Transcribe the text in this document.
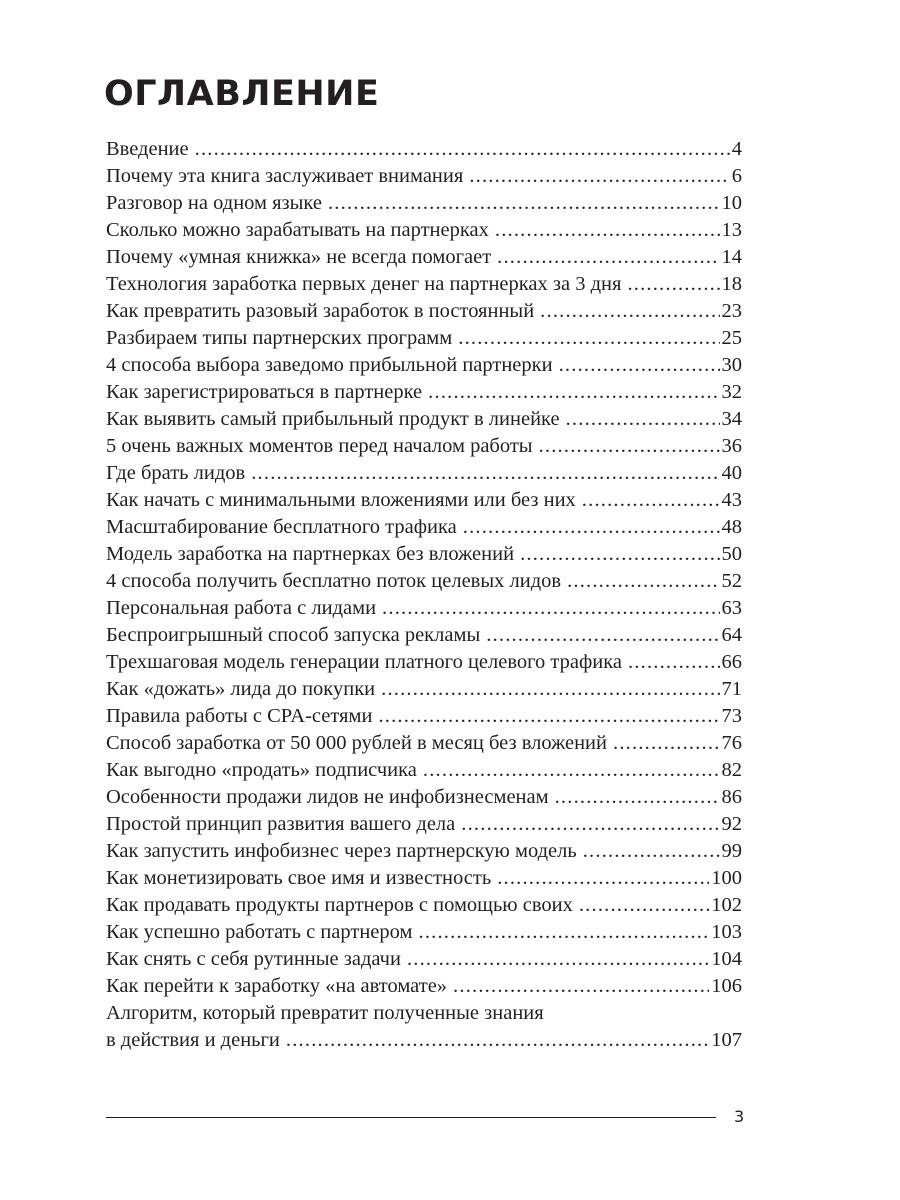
ОГЛАВЛЕНИЕ
Введение .....	4
Почему эта книга заслуживает внимания .....	6
Разговор на одном языке .....	10
Сколько можно зарабатывать на партнерках .....	13
Почему «умная книжка» не всегда помогает .....	14
Технология заработка первых денег на партнерках за 3 дня .....	18
Как превратить разовый заработок в постоянный .....	23
Разбираем типы партнерских программ .....	25
4 способа выбора заведомо прибыльной партнерки .....	30
Как зарегистрироваться в партнерке .....	32
Как выявить самый прибыльный продукт в линейке .....	34
5 очень важных моментов перед началом работы .....	36
Где брать лидов .....	40
Как начать с минимальными вложениями или без них .....	43
Масштабирование бесплатного трафика .....	48
Модель заработка на партнерках без вложений .....	50
4 способа получить бесплатно поток целевых лидов .....	52
Персональная работа с лидами .....	63
Беспроигрышный способ запуска рекламы .....	64
Трехшаговая модель генерации платного целевого трафика .....	66
Как «дожать» лида до покупки .....	71
Правила работы с CPA-сетями .....	73
Способ заработка от 50 000 рублей в месяц без вложений .....	76
Как выгодно «продать» подписчика .....	82
Особенности продажи лидов не инфобизнесменам .....	86
Простой принцип развития вашего дела .....	92
Как запустить инфобизнес через партнерскую модель .....	99
Как монетизировать свое имя и известность .....	100
Как продавать продукты партнеров с помощью своих .....	102
Как успешно работать с партнером .....	103
Как снять с себя рутинные задачи .....	104
Как перейти к заработку «на автомате» .....	106
Алгоритм, который превратит полученные знания
в действия и деньги .....	107
3
